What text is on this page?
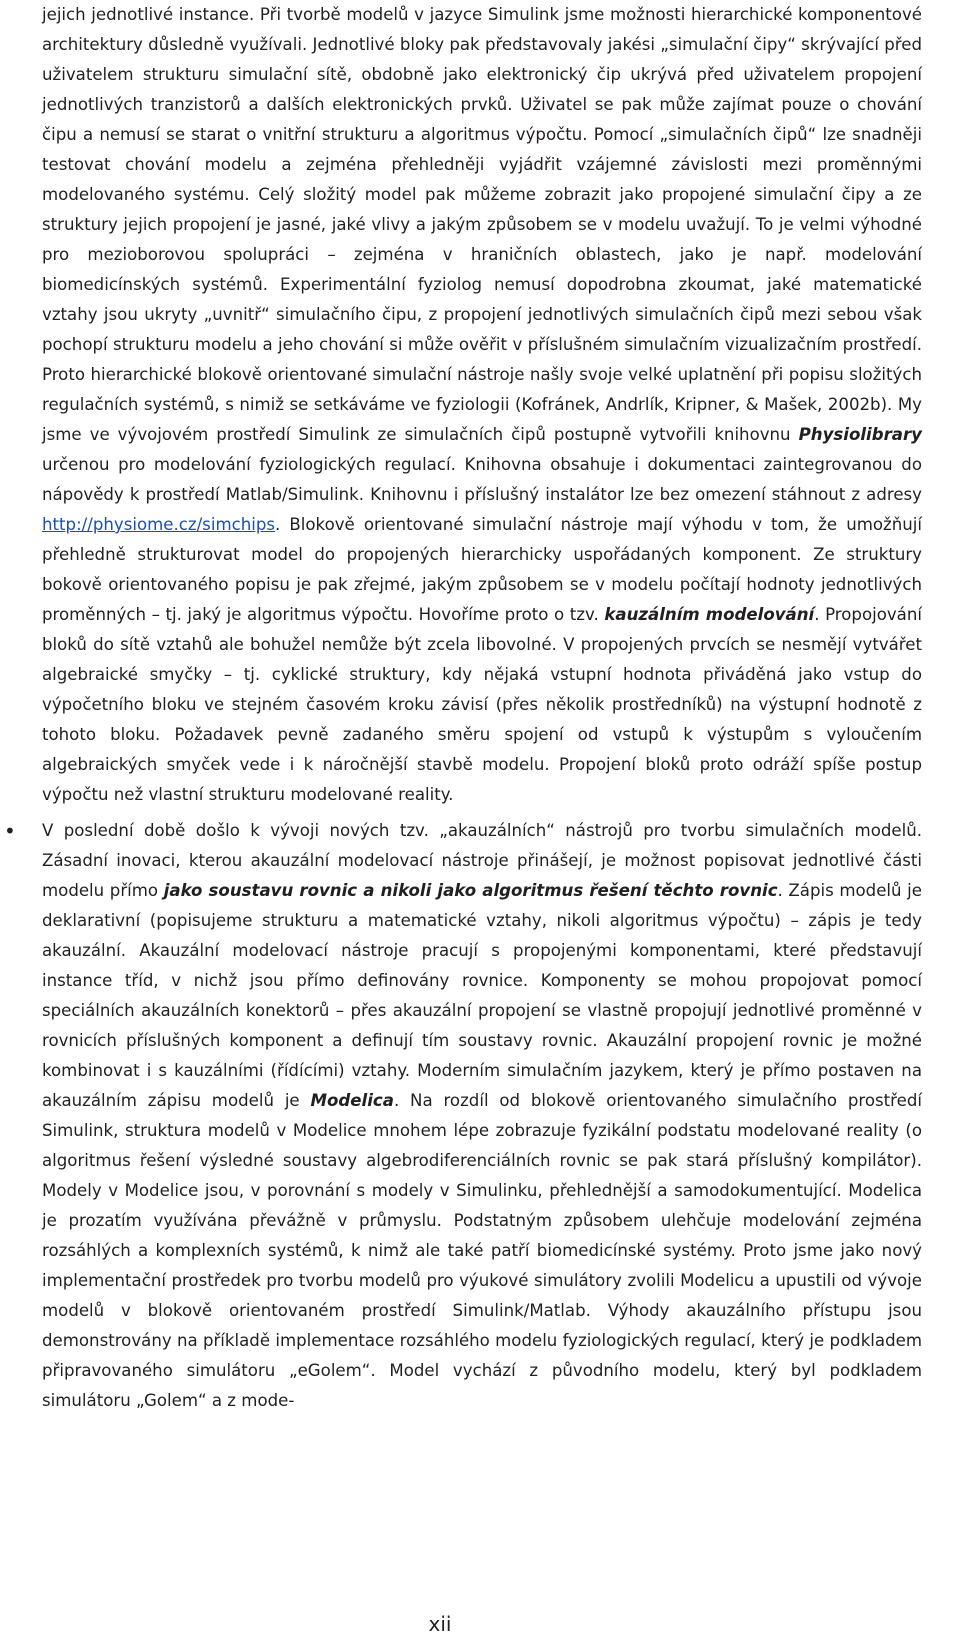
jejich jednotlivé instance. Při tvorbě modelů v jazyce Simulink jsme možnosti hierarchické komponentové architektury důsledně využívali. Jednotlivé bloky pak představovaly jakési „simulační čipy“ skrývající před uživatelem strukturu simulační sítě, obdobně jako elektronický čip ukrývá před uživatelem propojení jednotlivých tranzistorů a dalších elektronických prvků. Uživatel se pak může zajímat pouze o chování čipu a nemusí se starat o vnitřní strukturu a algoritmus výpočtu. Pomocí „simulačních čipů“ lze snadněji testovat chování modelu a zejména přehledněji vyjádřit vzájemné závislosti mezi proměnnými modelovaného systému. Celý složitý model pak můžeme zobrazit jako propojené simulační čipy a ze struktury jejich propojení je jasné, jaké vlivy a jakým způsobem se v modelu uvažují. To je velmi výhodné pro mezioborovou spolupráci – zejména v hraničních oblastech, jako je např. modelování biomedicínských systémů. Experimentální fyziolog nemusí dopodrobna zkoumat, jaké matematické vztahy jsou ukryty „uvnitř“ simulačního čipu, z propojení jednotlivých simulačních čipů mezi sebou však pochopí strukturu modelu a jeho chování si může ověřit v příslušném simulačním vizualizačním prostředí. Proto hierarchické blokově orientované simulační nástroje našly svoje velké uplatnění při popisu složitých regulačních systémů, s nimiž se setkáváme ve fyziologii (Kofránek, Andrlík, Kripner, & Mašek, 2002b). My jsme ve vývojovém prostředí Simulink ze simulačních čipů postupně vytvořili knihovnu Physiolibrary určenou pro modelování fyziologických regulací. Knihovna obsahuje i dokumentaci zaintegrovanou do nápovědy k prostředí Matlab/Simulink. Knihovnu i příslušný instalátor lze bez omezení stáhnout z adresy http://physiome.cz/simchips. Blokově orientované simulační nástroje mají výhodu v tom, že umožňují přehledně strukturovat model do propojených hierarchicky uspořádaných komponent. Ze struktury bokově orientovaného popisu je pak zřejmé, jakým způsobem se v modelu počítají hodnoty jednotlivých proměnných – tj. jaký je algoritmus výpočtu. Hovoříme proto o tzv. kauzálním modelování. Propojování bloků do sítě vztahů ale bohužel nemůže být zcela libovolné. V propojených prvcích se nesmějí vytvářet algebraické smyčky – tj. cyklické struktury, kdy nějaká vstupní hodnota přiváděná jako vstup do výpočetního bloku ve stejném časovém kroku závisí (přes několik prostředníků) na výstupní hodnotě z tohoto bloku. Požadavek pevně zadaného směru spojení od vstupů k výstupům s vyloučením algebraických smyček vede i k náročnější stavbě modelu. Propojení bloků proto odráží spíše postup výpočtu než vlastní strukturu modelované reality.

• V poslední době došlo k vývoji nových tzv. „akauzálních“ nástrojů pro tvorbu simulačních modelů. Zásadní inovaci, kterou akauzální modelovací nástroje přinášejí, je možnost popisovat jednotlivé části modelu přímo jako soustavu rovnic a nikoli jako algoritmus řešení těchto rovnic. Zápis modelů je deklarativní (popisujeme strukturu a matematické vztahy, nikoli algoritmus výpočtu) – zápis je tedy akauzální. Akauzální modelovací nástroje pracují s propojenými komponentami, které představují instance tříd, v nichž jsou přímo definovány rovnice. Komponenty se mohou propojovat pomocí speciálních akauzálních konektorů – přes akauzální propojení se vlastně propojují jednotlivé proměnné v rovnicích příslušných komponent a definují tím soustavy rovnic. Akauzální propojení rovnic je možné kombinovat i s kauzálními (řídícími) vztahy. Moderním simulačním jazykem, který je přímo postaven na akauzálním zápisu modelů je Modelica. Na rozdíl od blokově orientovaného simulačního prostředí Simulink, struktura modelů v Modelice mnohem lépe zobrazuje fyzikální podstatu modelované reality (o algoritmus řešení výsledné soustavy algebrodiferenciálních rovnic se pak stará příslušný kompilátor). Modely v Modelice jsou, v porovnání s modely v Simulinku, přehlednější a samodokumentující. Modelica je prozatím využívána převážně v průmyslu. Podstatným způsobem ulehčuje modelování zejména rozsáhlých a komplexních systémů, k nimž ale také patří biomedicínské systémy. Proto jsme jako nový implementační prostředek pro tvorbu modelů pro výukové simulátory zvolili Modelicu a upustili od vývoje modelů v blokově orientovaném prostředí Simulink/Matlab. Výhody akauzálního přístupu jsou demonstrovány na příkladě implementace rozsáhlého modelu fyziologických regulací, který je podkladem připravovaného simulátoru „eGolem“. Model vychází z původního modelu, který byl podkladem simulátoru „Golem“ a z mode-

xii
